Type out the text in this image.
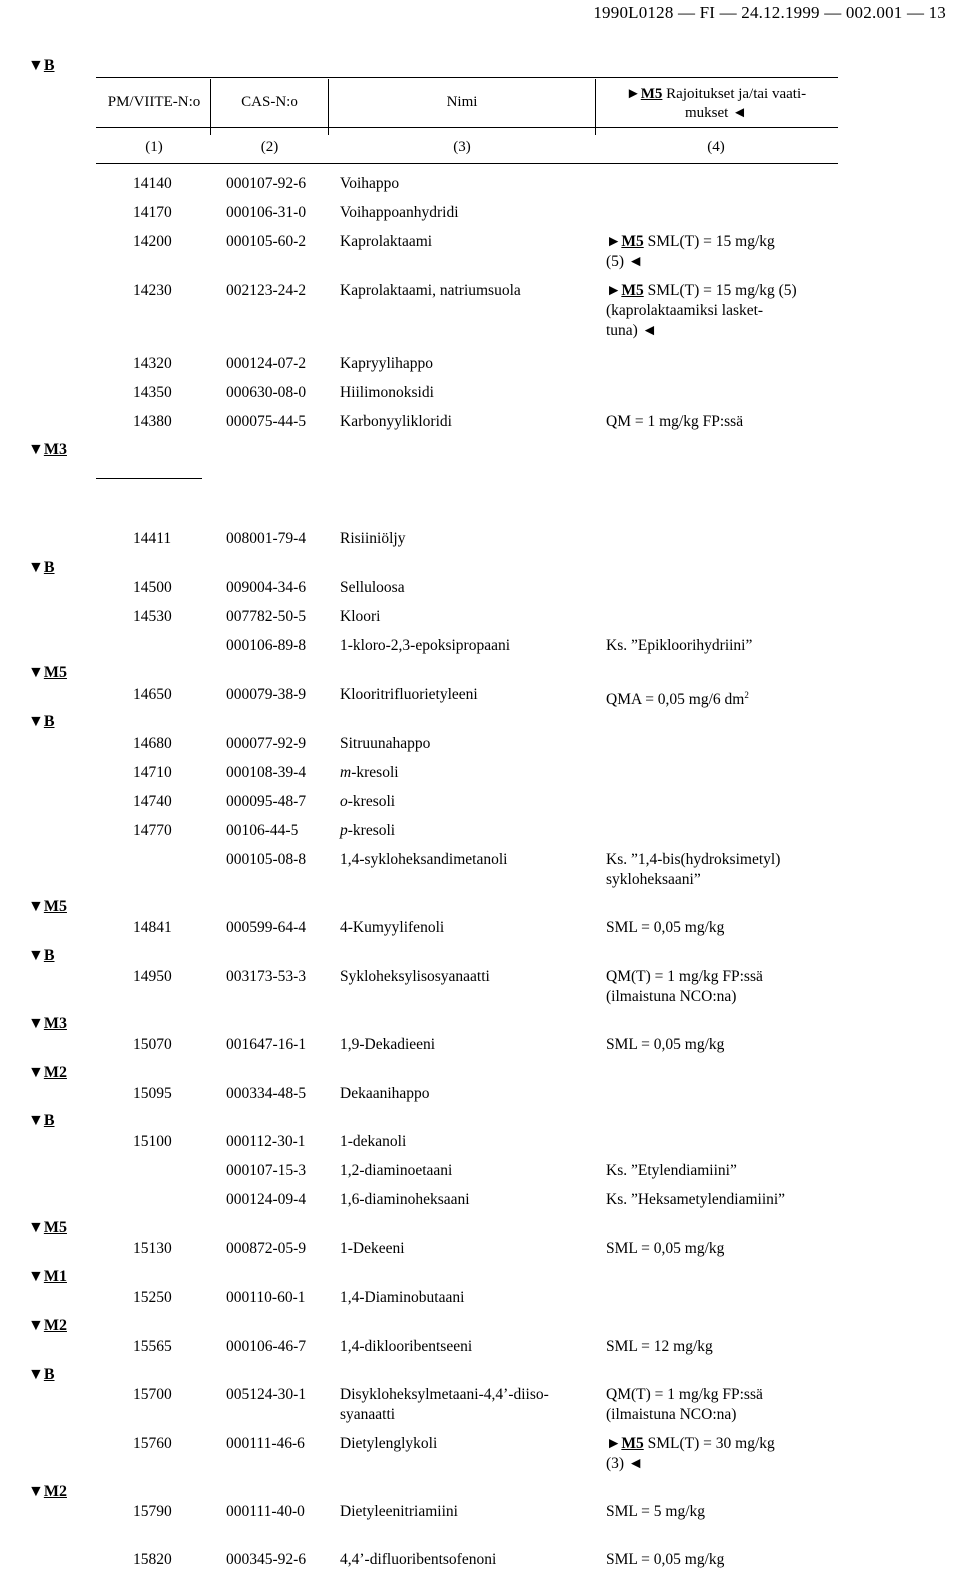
1990L0128 — FI — 24.12.1999 — 002.001 — 13
PM/VIITE-N:o	CAS-N:o	Nimi	►M5 Rajoitukset ja/tai vaati-
mukset ◄
(1)	(2)	(3)	(4)
▼B
▼M3
▼B
▼M5
▼B
▼M5
▼B
▼M3
▼M2
▼B
▼M5
▼M1
▼M2
▼B
▼M2
14140	000107-92-6 Voihappo
14170	000106-31-0 Voihappoanhydridi
14200	000105-60-2 Kaprolaktaami	►M5 SML(T) = 15 mg/kg
(5) ◄
14230	002123-24-2 Kaprolaktaami, natriumsuola	►M5 SML(T) = 15 mg/kg (5)
(kaprolaktaamiksi lasket-
tuna) ◄
14320	000124-07-2 Kapryylihappo
14350	000630-08-0 Hiilimonoksidi
14380	000075-44-5 Karbonyylikloridi	QM = 1 mg/kg FP:ssä
14411	008001-79-4 Risiiniöljy
14500	009004-34-6 Selluloosa
14530	007782-50-5 Kloori
000106-89-8 1-kloro-2,3-epoksipropaani	Ks. ”Epikloorihydriini”
14650	000079-38-9 Klooritrifluorietyleeni	QMA = 0,05 mg/6 $dm^2$
14680	000077-92-9 Sitruunahappo
14710	000108-39-4 m-kresoli
14740	000095-48-7 o-kresoli
14770	00106-44-5	p-kresoli
000105-08-8 1,4-sykloheksandimetanoli	Ks. ”1,4-bis(hydroksimetyl)
sykloheksaani”
14841	000599-64-4 4-Kumyylifenoli	SML = 0,05 mg/kg
14950	003173-53-3 Sykloheksylisosyanaatti	QM(T) = 1 mg/kg FP:ssä
(ilmaistuna NCO:na)
15070	001647-16-1 1,9-Dekadieeni	SML = 0,05 mg/kg
15095	000334-48-5 Dekaanihappo
15100	000112-30-1 1-dekanoli
000107-15-3 1,2-diaminoetaani	Ks. ”Etylendiamiini”
000124-09-4 1,6-diaminoheksaani	Ks. ”Heksametylendiamiini”
15130	000872-05-9 1-Dekeeni	SML = 0,05 mg/kg
15250	000110-60-1 1,4-Diaminobutaani
15565	000106-46-7 1,4-diklooribentseeni	SML = 12 mg/kg
15700	005124-30-1 Disykloheksylmetaani-4,4’-diiso-
syanaatti
QM(T) = 1 mg/kg FP:ssä
(ilmaistuna NCO:na)
15760	000111-46-6 Dietylenglykoli	►M5 SML(T) = 30 mg/kg
(3) ◄
15790	000111-40-0 Dietyleenitriamiini	SML = 5 mg/kg
15820	000345-92-6 4,4’-difluoribentsofenoni	SML = 0,05 mg/kg
